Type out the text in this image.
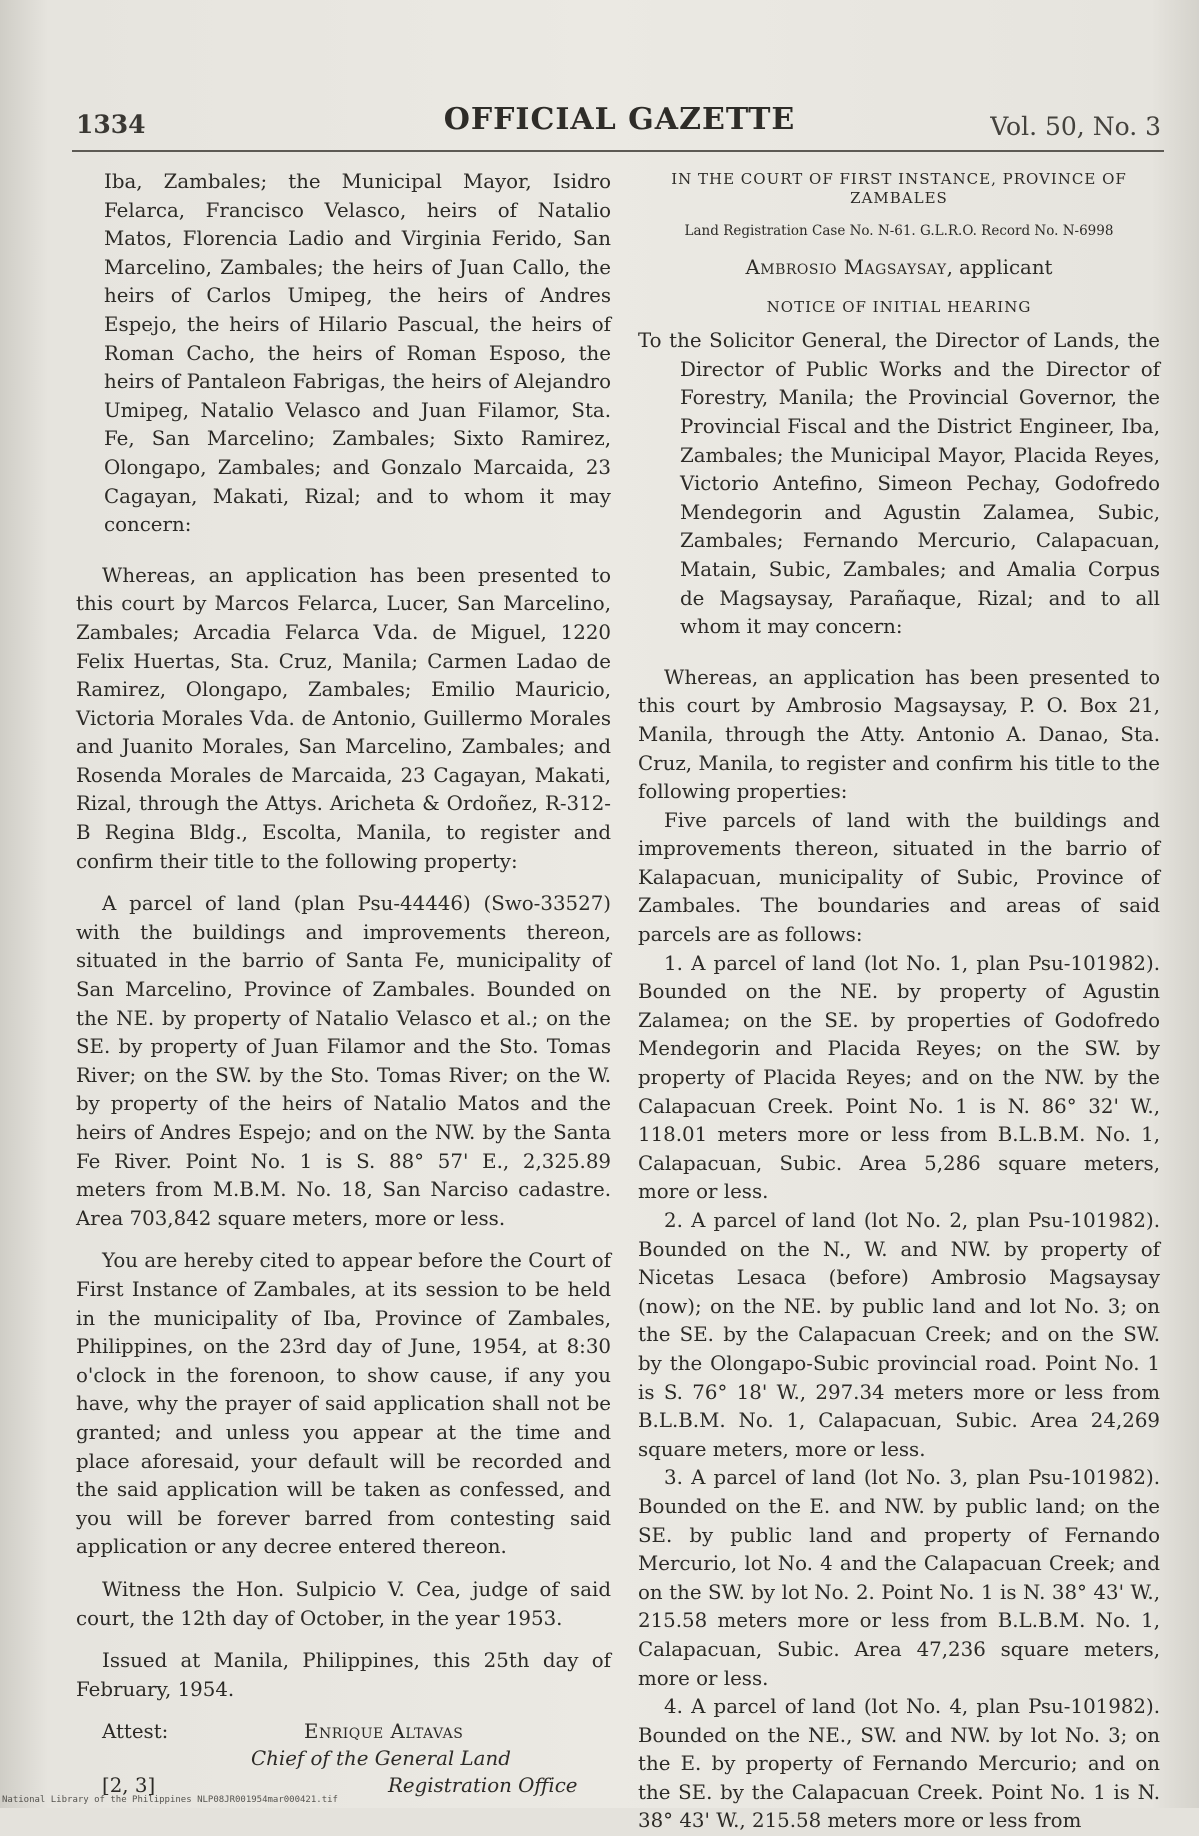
1334	OFFICIAL GAZETTE	Vol. 50, No. 3

Iba, Zambales; the Municipal Mayor, Isidro Felarca, Francisco Velasco, heirs of Natalio Matos, Florencia Ladio and Virginia Ferido, San Marcelino, Zambales; the heirs of Juan Callo, the heirs of Carlos Umipeg, the heirs of Andres Espejo, the heirs of Hilario Pascual, the heirs of Roman Cacho, the heirs of Roman Esposo, the heirs of Pantaleon Fabrigas, the heirs of Alejandro Umipeg, Natalio Velasco and Juan Filamor, Sta. Fe, San Marcelino; Zambales; Sixto Ramirez, Olongapo, Zambales; and Gonzalo Marcaida, 23 Cagayan, Makati, Rizal; and to whom it may concern:

Whereas, an application has been presented to this court by Marcos Felarca, Lucer, San Marcelino, Zambales; Arcadia Felarca Vda. de Miguel, 1220 Felix Huertas, Sta. Cruz, Manila; Carmen Ladao de Ramirez, Olongapo, Zambales; Emilio Mauricio, Victoria Morales Vda. de Antonio, Guillermo Morales and Juanito Morales, San Marcelino, Zambales; and Rosenda Morales de Marcaida, 23 Cagayan, Makati, Rizal, through the Attys. Aricheta & Ordoñez, R-312-B Regina Bldg., Escolta, Manila, to register and confirm their title to the following property:

A parcel of land (plan Psu-44446) (Swo-33527) with the buildings and improvements thereon, situated in the barrio of Santa Fe, municipality of San Marcelino, Province of Zambales. Bounded on the NE. by property of Natalio Velasco et al.; on the SE. by property of Juan Filamor and the Sto. Tomas River; on the SW. by the Sto. Tomas River; on the W. by property of the heirs of Natalio Matos and the heirs of Andres Espejo; and on the NW. by the Santa Fe River. Point No. 1 is S. 88° 57' E., 2,325.89 meters from M.B.M. No. 18, San Narciso cadastre. Area 703,842 square meters, more or less.

You are hereby cited to appear before the Court of First Instance of Zambales, at its session to be held in the municipality of Iba, Province of Zambales, Philippines, on the 23rd day of June, 1954, at 8:30 o'clock in the forenoon, to show cause, if any you have, why the prayer of said application shall not be granted; and unless you appear at the time and place aforesaid, your default will be recorded and the said application will be taken as confessed, and you will be forever barred from contesting said application or any decree entered thereon.

Witness the Hon. Sulpicio V. Cea, judge of said court, the 12th day of October, in the year 1953.

Issued at Manila, Philippines, this 25th day of February, 1954.

Attest:	Enrique Altavas
Chief of the General Land
[2, 3]	Registration Office

IN THE COURT OF FIRST INSTANCE, PROVINCE OF ZAMBALES

Land Registration Case No. N-61. G.L.R.O. Record No. N-6998

Ambrosio Magsaysay, applicant

NOTICE OF INITIAL HEARING

To the Solicitor General, the Director of Lands, the Director of Public Works and the Director of Forestry, Manila; the Provincial Governor, the Provincial Fiscal and the District Engineer, Iba, Zambales; the Municipal Mayor, Placida Reyes, Victorio Antefino, Simeon Pechay, Godofredo Mendegorin and Agustin Zalamea, Subic, Zambales; Fernando Mercurio, Calapacuan, Matain, Subic, Zambales; and Amalia Corpus de Magsaysay, Parañaque, Rizal; and to all whom it may concern:

Whereas, an application has been presented to this court by Ambrosio Magsaysay, P. O. Box 21, Manila, through the Atty. Antonio A. Danao, Sta. Cruz, Manila, to register and confirm his title to the following properties:

Five parcels of land with the buildings and improvements thereon, situated in the barrio of Kalapacuan, municipality of Subic, Province of Zambales. The boundaries and areas of said parcels are as follows:

1. A parcel of land (lot No. 1, plan Psu-101982). Bounded on the NE. by property of Agustin Zalamea; on the SE. by properties of Godofredo Mendegorin and Placida Reyes; on the SW. by property of Placida Reyes; and on the NW. by the Calapacuan Creek. Point No. 1 is N. 86° 32' W., 118.01 meters more or less from B.L.B.M. No. 1, Calapacuan, Subic. Area 5,286 square meters, more or less.

2. A parcel of land (lot No. 2, plan Psu-101982). Bounded on the N., W. and NW. by property of Nicetas Lesaca (before) Ambrosio Magsaysay (now); on the NE. by public land and lot No. 3; on the SE. by the Calapacuan Creek; and on the SW. by the Olongapo-Subic provincial road. Point No. 1 is S. 76° 18' W., 297.34 meters more or less from B.L.B.M. No. 1, Calapacuan, Subic. Area 24,269 square meters, more or less.

3. A parcel of land (lot No. 3, plan Psu-101982). Bounded on the E. and NW. by public land; on the SE. by public land and property of Fernando Mercurio, lot No. 4 and the Calapacuan Creek; and on the SW. by lot No. 2. Point No. 1 is N. 38° 43' W., 215.58 meters more or less from B.L.B.M. No. 1, Calapacuan, Subic. Area 47,236 square meters, more or less.

4. A parcel of land (lot No. 4, plan Psu-101982). Bounded on the NE., SW. and NW. by lot No. 3; on the E. by property of Fernando Mercurio; and on the SE. by the Calapacuan Creek. Point No. 1 is N. 38° 43' W., 215.58 meters more or less from

National Library of the Philippines NLP08JR001954mar000421.tif
